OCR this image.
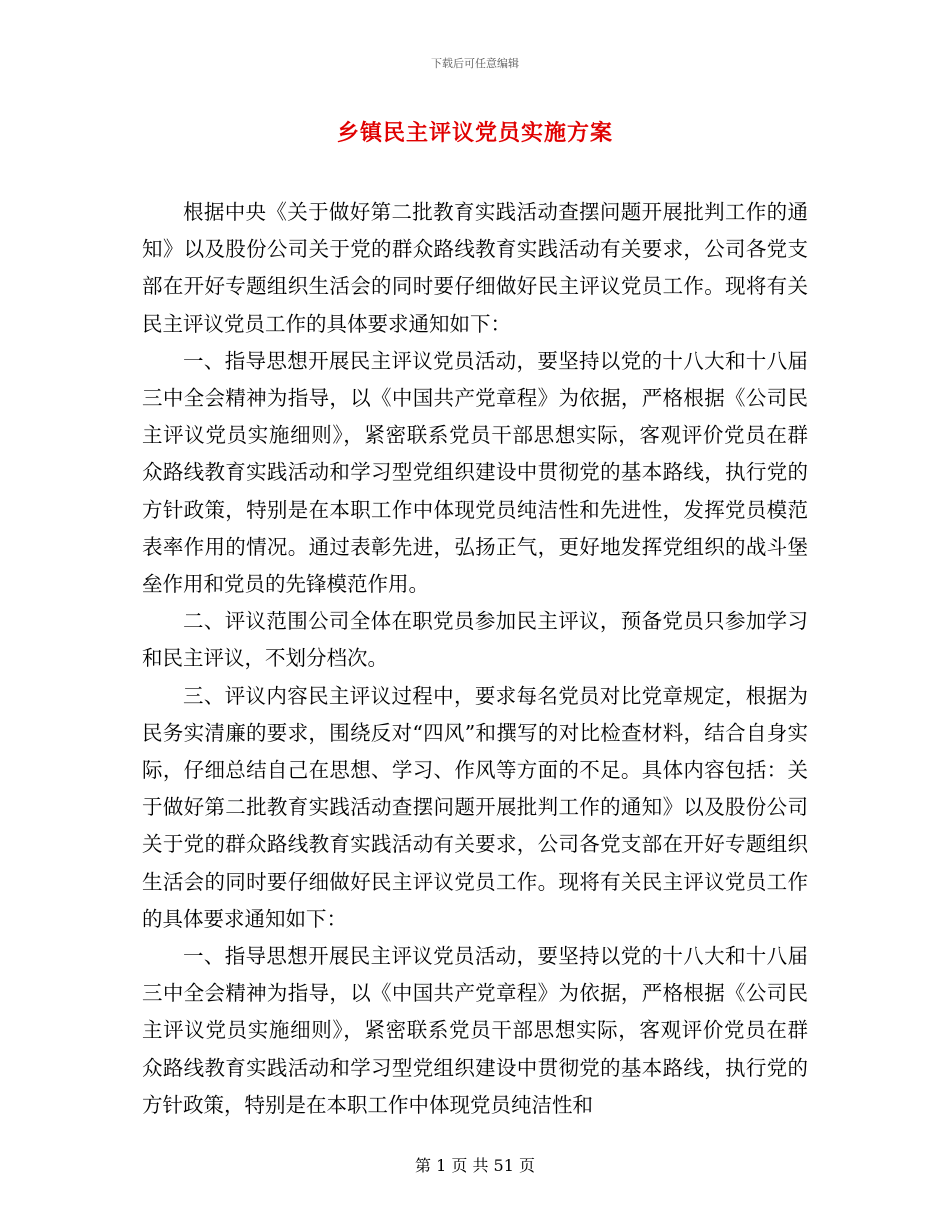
下载后可任意编辑
乡镇民主评议党员实施方案

根据中央《关于做好第二批教育实践活动查摆问题开展批判工作的通知》以及股份公司关于党的群众路线教育实践活动有关要求，公司各党支部在开好专题组织生活会的同时要仔细做好民主评议党员工作。现将有关民主评议党员工作的具体要求通知如下：

一、指导思想开展民主评议党员活动，要坚持以党的十八大和十八届三中全会精神为指导，以《中国共产党章程》为依据，严格根据《公司民主评议党员实施细则》，紧密联系党员干部思想实际，客观评价党员在群众路线教育实践活动和学习型党组织建设中贯彻党的基本路线，执行党的方针政策，特别是在本职工作中体现党员纯洁性和先进性，发挥党员模范表率作用的情况。通过表彰先进，弘扬正气，更好地发挥党组织的战斗堡垒作用和党员的先锋模范作用。

二、评议范围公司全体在职党员参加民主评议，预备党员只参加学习和民主评议，不划分档次。

三、评议内容民主评议过程中，要求每名党员对比党章规定，根据为民务实清廉的要求，围绕反对“四风”和撰写的对比检查材料，结合自身实际，仔细总结自己在思想、学习、作风等方面的不足。具体内容包括：关于做好第二批教育实践活动查摆问题开展批判工作的通知》以及股份公司关于党的群众路线教育实践活动有关要求，公司各党支部在开好专题组织生活会的同时要仔细做好民主评议党员工作。现将有关民主评议党员工作的具体要求通知如下：

一、指导思想开展民主评议党员活动，要坚持以党的十八大和十八届三中全会精神为指导，以《中国共产党章程》为依据，严格根据《公司民主评议党员实施细则》，紧密联系党员干部思想实际，客观评价党员在群众路线教育实践活动和学习型党组织建设中贯彻党的基本路线，执行党的方针政策，特别是在本职工作中体现党员纯洁性和

第 1 页 共 51 页
